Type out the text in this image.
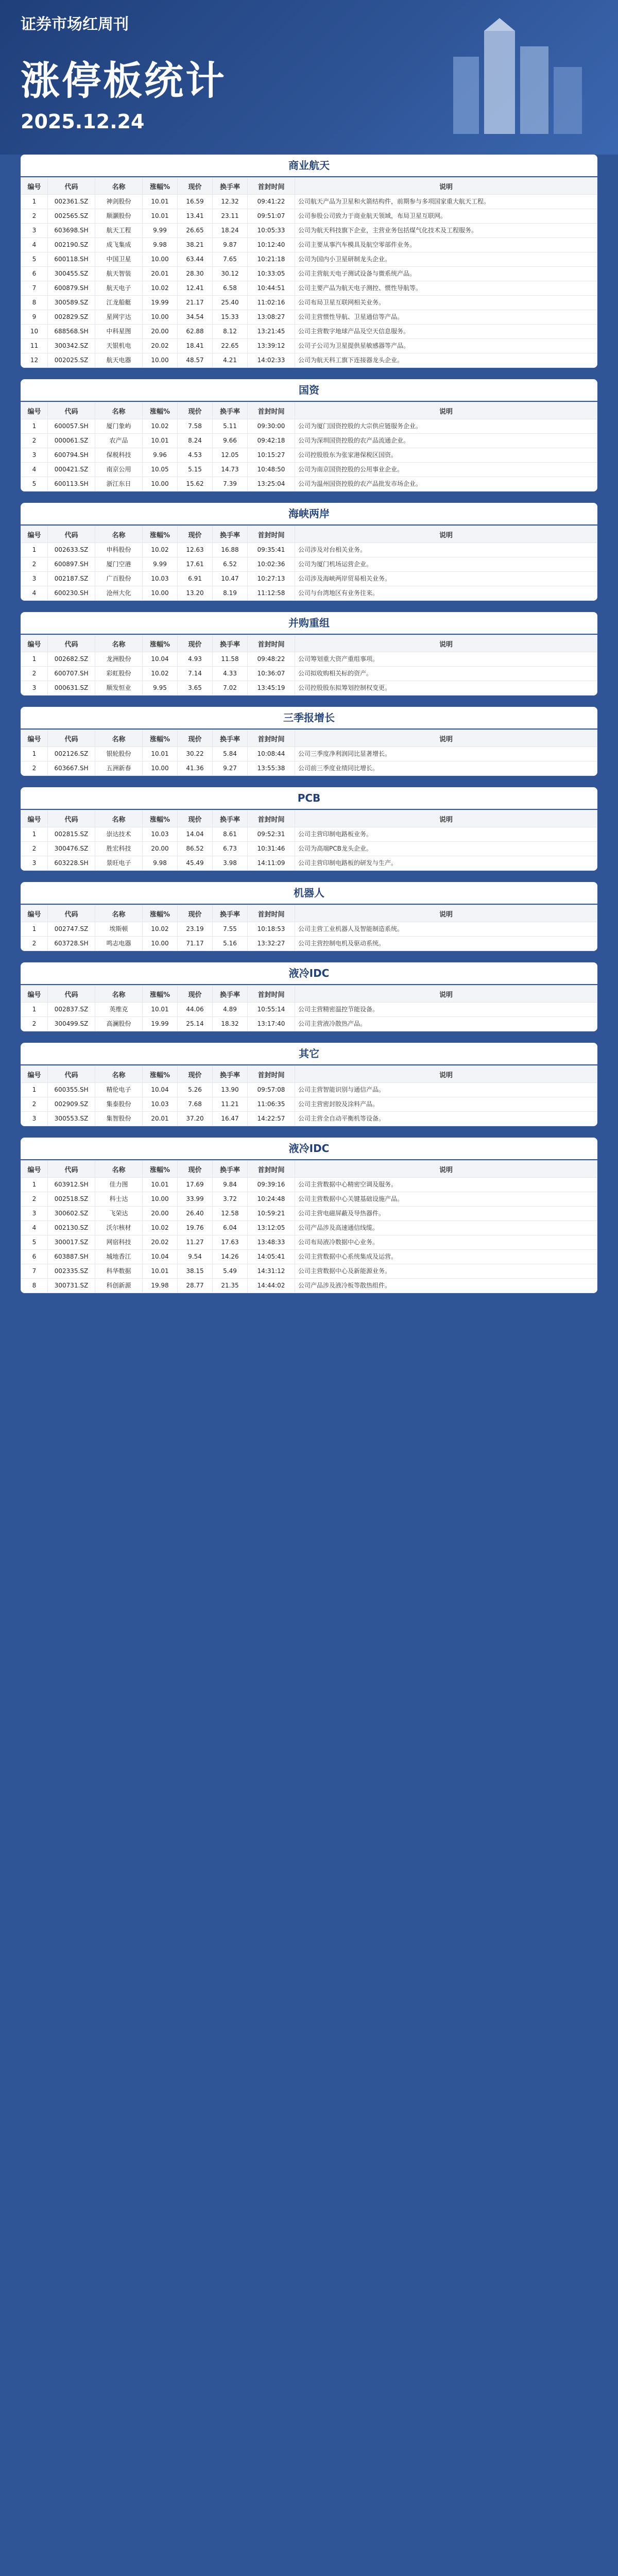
证券市场红周刊
涨停板统计
2025.12.24
商业航天
编号	代码	名称	涨幅%	现价	换手率	首封时间	说明
1	002361.SZ	神剑股份	10.01	16.59	12.32	09:41:22	公司航天产品为卫星和火箭结构件，前期参与多项国家重大航天工程。
2	002565.SZ	顺灏股份	10.01	13.41	23.11	09:51:07	公司参股公司致力于商业航天领域，布局卫星互联网。
3	603698.SH	航天工程	9.99	26.65	18.24	10:05:33	公司为航天科技旗下企业，主营业务包括煤气化技术及工程服务。
4	002190.SZ	成飞集成	9.98	38.21	9.87	10:12:40	公司主要从事汽车模具及航空零部件业务。
5	600118.SH	中国卫星	10.00	63.44	7.65	10:21:18	公司为国内小卫星研制龙头企业。
6	300455.SZ	航天智装	20.01	28.30	30.12	10:33:05	公司主营航天电子测试设备与微系统产品。
7	600879.SH	航天电子	10.02	12.41	6.58	10:44:51	公司主要产品为航天电子测控、惯性导航等。
8	300589.SZ	江龙船艇	19.99	21.17	25.40	11:02:16	公司布局卫星互联网相关业务。
9	002829.SZ	星网宇达	10.00	34.54	15.33	13:08:27	公司主营惯性导航、卫星通信等产品。
10	688568.SH	中科星图	20.00	62.88	8.12	13:21:45	公司主营数字地球产品及空天信息服务。
11	300342.SZ	天银机电	20.02	18.41	22.65	13:39:12	公司子公司为卫星提供星敏感器等产品。
12	002025.SZ	航天电器	10.00	48.57	4.21	14:02:33	公司为航天科工旗下连接器龙头企业。
国资
编号	代码	名称	涨幅%	现价	换手率	首封时间	说明
1	600057.SH	厦门象屿	10.02	7.58	5.11	09:30:00	公司为厦门国资控股的大宗供应链服务企业。
2	000061.SZ	农产品	10.01	8.24	9.66	09:42:18	公司为深圳国资控股的农产品流通企业。
3	600794.SH	保税科技	9.96	4.53	12.05	10:15:27	公司控股股东为张家港保税区国资。
4	000421.SZ	南京公用	10.05	5.15	14.73	10:48:50	公司为南京国资控股的公用事业企业。
5	600113.SH	浙江东日	10.00	15.62	7.39	13:25:04	公司为温州国资控股的农产品批发市场企业。
海峡两岸
编号	代码	名称	涨幅%	现价	换手率	首封时间	说明
1	002633.SZ	申科股份	10.02	12.63	16.88	09:35:41	公司涉及对台相关业务。
2	600897.SH	厦门空港	9.99	17.61	6.52	10:02:36	公司为厦门机场运营企业。
3	002187.SZ	广百股份	10.03	6.91	10.47	10:27:13	公司涉及海峡两岸贸易相关业务。
4	600230.SH	沧州大化	10.00	13.20	8.19	11:12:58	公司与台湾地区有业务往来。
并购重组
编号	代码	名称	涨幅%	现价	换手率	首封时间	说明
1	002682.SZ	龙洲股份	10.04	4.93	11.58	09:48:22	公司筹划重大资产重组事项。
2	600707.SH	彩虹股份	10.02	7.14	4.33	10:36:07	公司拟收购相关标的资产。
3	000631.SZ	顺发恒业	9.95	3.65	7.02	13:45:19	公司控股股东拟筹划控制权变更。
三季报增长
编号	代码	名称	涨幅%	现价	换手率	首封时间	说明
1	002126.SZ	银轮股份	10.01	30.22	5.84	10:08:44	公司三季度净利润同比显著增长。
2	603667.SH	五洲新春	10.00	41.36	9.27	13:55:38	公司前三季度业绩同比增长。
PCB
编号	代码	名称	涨幅%	现价	换手率	首封时间	说明
1	002815.SZ	崇达技术	10.03	14.04	8.61	09:52:31	公司主营印制电路板业务。
2	300476.SZ	胜宏科技	20.00	86.52	6.73	10:31:46	公司为高端PCB龙头企业。
3	603228.SH	景旺电子	9.98	45.49	3.98	14:11:09	公司主营印制电路板的研发与生产。
机器人
编号	代码	名称	涨幅%	现价	换手率	首封时间	说明
1	002747.SZ	埃斯顿	10.02	23.19	7.55	10:18:53	公司主营工业机器人及智能制造系统。
2	603728.SH	鸣志电器	10.00	71.17	5.16	13:32:27	公司主营控制电机及驱动系统。
液冷IDC
编号	代码	名称	涨幅%	现价	换手率	首封时间	说明
1	002837.SZ	英维克	10.01	44.06	4.89	10:55:14	公司主营精密温控节能设备。
2	300499.SZ	高澜股份	19.99	25.14	18.32	13:17:40	公司主营液冷散热产品。
其它
编号	代码	名称	涨幅%	现价	换手率	首封时间	说明
1	600355.SH	精伦电子	10.04	5.26	13.90	09:57:08	公司主营智能识别与通信产品。
2	002909.SZ	集泰股份	10.03	7.68	11.21	11:06:35	公司主营密封胶及涂料产品。
3	300553.SZ	集智股份	20.01	37.20	16.47	14:22:57	公司主营全自动平衡机等设备。
液冷IDC
编号	代码	名称	涨幅%	现价	换手率	首封时间	说明
1	603912.SH	佳力图	10.01	17.69	9.84	09:39:16	公司主营数据中心精密空调及服务。
2	002518.SZ	科士达	10.00	33.99	3.72	10:24:48	公司主营数据中心关键基础设施产品。
3	300602.SZ	飞荣达	20.00	26.40	12.58	10:59:21	公司主营电磁屏蔽及导热器件。
4	002130.SZ	沃尔核材	10.02	19.76	6.04	13:12:05	公司产品涉及高速通信线缆。
5	300017.SZ	网宿科技	20.02	11.27	17.63	13:48:33	公司布局液冷数据中心业务。
6	603887.SH	城地香江	10.04	9.54	14.26	14:05:41	公司主营数据中心系统集成及运营。
7	002335.SZ	科华数据	10.01	38.15	5.49	14:31:12	公司主营数据中心及新能源业务。
8	300731.SZ	科创新源	19.98	28.77	21.35	14:44:02	公司产品涉及液冷板等散热组件。
